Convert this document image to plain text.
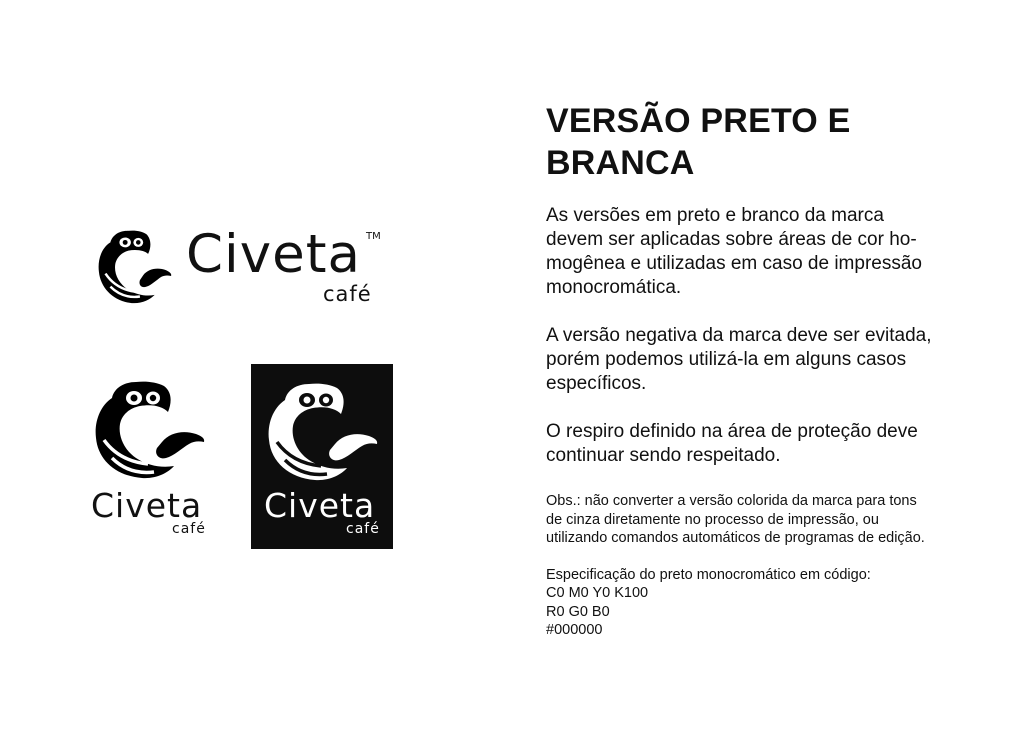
Civeta TM
café
Civeta
café
Civeta
café
VERSÃO PRETO E
BRANCA

As versões em preto e branco da marca
devem ser aplicadas sobre áreas de cor ho-
mogênea e utilizadas em caso de impressão
monocromática.

A versão negativa da marca deve ser evitada,
porém podemos utilizá-la em alguns casos
específicos.

O respiro definido na área de proteção deve
continuar sendo respeitado.

Obs.: não converter a versão colorida da marca para tons
de cinza diretamente no processo de impressão, ou
utilizando comandos automáticos de programas de edição.

Especificação do preto monocromático em código:
C0 M0 Y0 K100
R0 G0 B0
#000000
